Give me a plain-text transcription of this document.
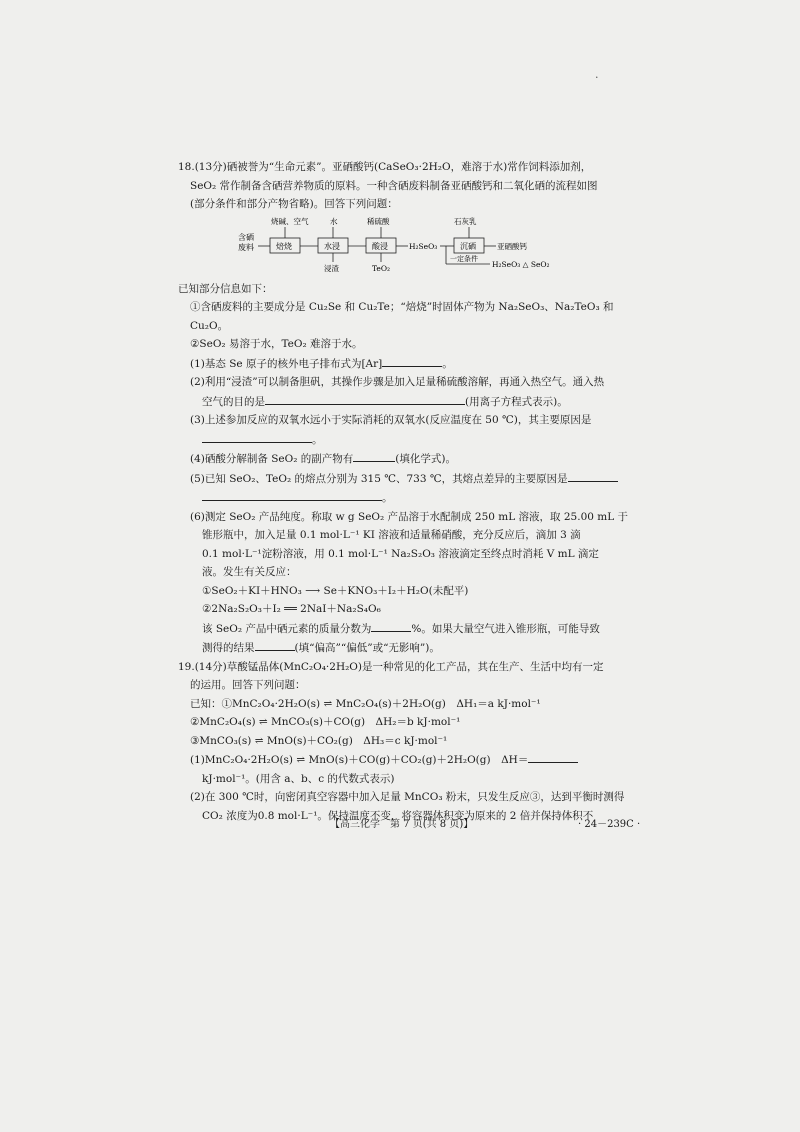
.

18.(13分)硒被誉为“生命元素”。亚硒酸钙(CaSeO₃·2H₂O，难溶于水)常作饲料添加剂，

SeO₂ 常作制备含硒营养物质的原料。一种含硒废料制备亚硒酸钙和二氧化硒的流程如图

(部分条件和部分产物省略)。回答下列问题：

含硒
废料	焙烧
烧碱、空气
水浸
水
浸渣
酸浸
稀硫酸
TeO₂
H₂SeO₃	沉硒
石灰乳
亚硒酸钙
一定条件
H₂SeO₃ △ SeO₂

已知部分信息如下：

①含硒废料的主要成分是 Cu₂Se 和 Cu₂Te；“焙烧”时固体产物为 Na₂SeO₃、Na₂TeO₃ 和

Cu₂O。

②SeO₂ 易溶于水，TeO₂ 难溶于水。

(1)基态 Se 原子的核外电子排布式为[Ar]	。

(2)利用“浸渣”可以制备胆矾，其操作步骤是加入足量稀硫酸溶解，再通入热空气。通入热

空气的目的是	(用离子方程式表示)。

(3)上述参加反应的双氧水远小于实际消耗的双氧水(反应温度在 50 ℃)，其主要原因是

。

(4)硒酸分解制备 SeO₂ 的副产物有	(填化学式)。

(5)已知 SeO₂、TeO₂ 的熔点分别为 315 ℃、733 ℃，其熔点差异的主要原因是

。

(6)测定 SeO₂ 产品纯度。称取 w g SeO₂ 产品溶于水配制成 250 mL 溶液，取 25.00 mL 于

锥形瓶中，加入足量 0.1 mol·L⁻¹ KI 溶液和适量稀硝酸，充分反应后，滴加 3 滴

0.1 mol·L⁻¹淀粉溶液，用 0.1 mol·L⁻¹ Na₂S₂O₃ 溶液滴定至终点时消耗 V mL 滴定

液。发生有关反应：

①SeO₂＋KI＋HNO₃ ⟶ Se＋KNO₃＋I₂＋H₂O(未配平)

②2Na₂S₂O₃＋I₂ ══ 2NaI＋Na₂S₄O₆

该 SeO₂ 产品中硒元素的质量分数为	%。如果大量空气进入锥形瓶，可能导致

测得的结果	(填“偏高”“偏低”或“无影响”)。

19.(14分)草酸锰晶体(MnC₂O₄·2H₂O)是一种常见的化工产品，其在生产、生活中均有一定

的运用。回答下列问题：

已知：①MnC₂O₄·2H₂O(s) ⇌ MnC₂O₄(s)＋2H₂O(g)　ΔH₁＝a kJ·mol⁻¹

②MnC₂O₄(s) ⇌ MnCO₃(s)＋CO(g)　ΔH₂＝b kJ·mol⁻¹

③MnCO₃(s) ⇌ MnO(s)＋CO₂(g)　ΔH₃＝c kJ·mol⁻¹

(1)MnC₂O₄·2H₂O(s) ⇌ MnO(s)＋CO(g)＋CO₂(g)＋2H₂O(g)　ΔH＝

kJ·mol⁻¹。(用含 a、b、c 的代数式表示)

(2)在 300 ℃时，向密闭真空容器中加入足量 MnCO₃ 粉末，只发生反应③，达到平衡时测得

CO₂ 浓度为0.8 mol·L⁻¹。保持温度不变，将容器体积变为原来的 2 倍并保持体积不

【高三化学　第 7 页(共 8 页)】	· 24－239C ·
